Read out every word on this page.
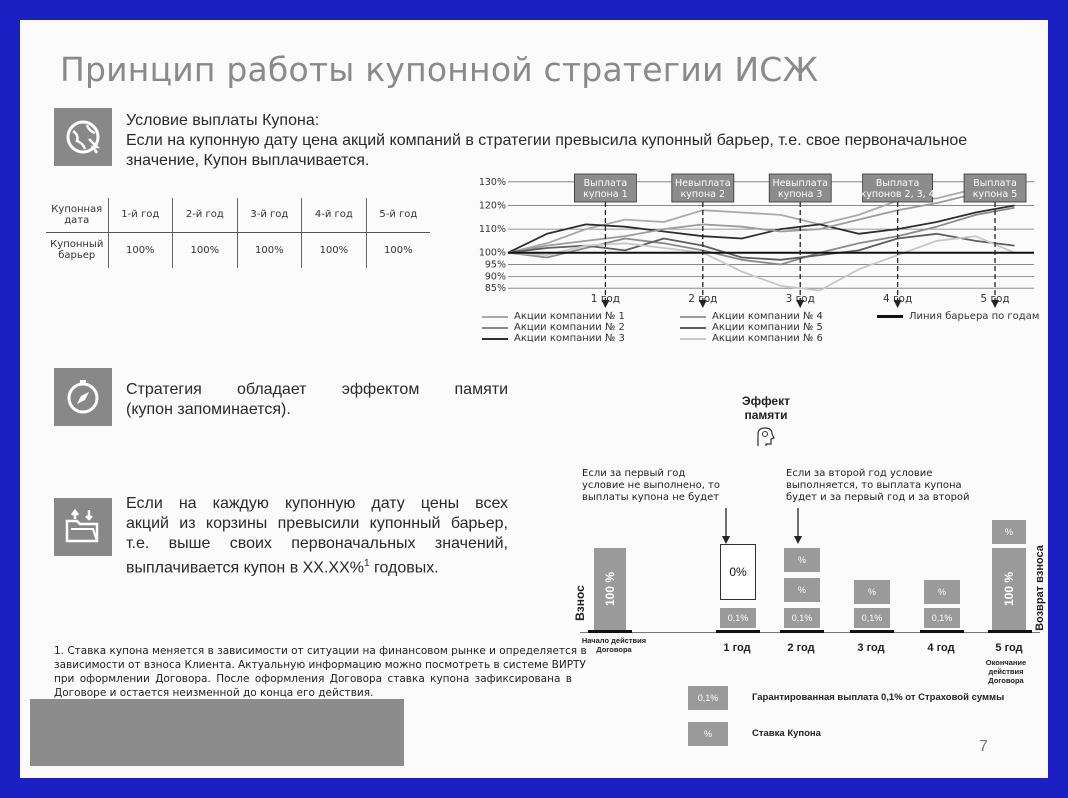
Принцип работы купонной стратегии ИСЖ
Условие выплаты Купона:
Если на купонную дату цена акций компаний в стратегии превысила купонный барьер, т.е. свое первоначальное
значение, Купон выплачивается.
Купонная дата	1-й год	2-й год	3-й год	4-й год	5-й год
Купонный барьер	100%	100%	100%	100%	100%
130%
120%
110%
100%
95%
90%
85%
Выплата
купона 1
Невыплата
купона 2
Невыплата
купона 3
Выплата
купонов 2, 3, 4
Выплата
купона 5
Акции компании № 1
Акции компании № 2
Акции компании № 3
Акции компании № 4
Акции компании № 5
Акции компании № 6
Линия барьера по годам
Стратегия обладает эффектом памяти
(купон запоминается).
Если на каждую купонную дату цены всех
акций из корзины превысили купонный барьер,
т.е. выше своих первоначальных значений,
выплачивается купон в XX.XX%$^1$ годовых.
Эффект
памяти
Если за первый год
условие не выполнено, то
выплаты купона не будет
Если за второй год условие
выполняется, то выплата купона
будет и за первый год и за второй
100 %
Взнос
0%
0,1%
%
%
0,1%
%
0,1%
%
0,1%
%
100 % Возврат взноса
Начало действия Договора	1 год	2 год	3 год	4 год	5 год
Окончание действия Договора
0,1%	Гарантированная выплата 0,1% от Страховой суммы
%	Ставка Купона
1. Ставка купона меняется в зависимости от ситуации на финансовом рынке и определяется в
зависимости от взноса Клиента. Актуальную информацию можно посмотреть в системе ВИРТУ
при оформлении Договора. После оформления Договора ставка купона зафиксирована в
Договоре и остается неизменной до конца его действия.
7
1 год	2 год	3 год	4 год	5 год
